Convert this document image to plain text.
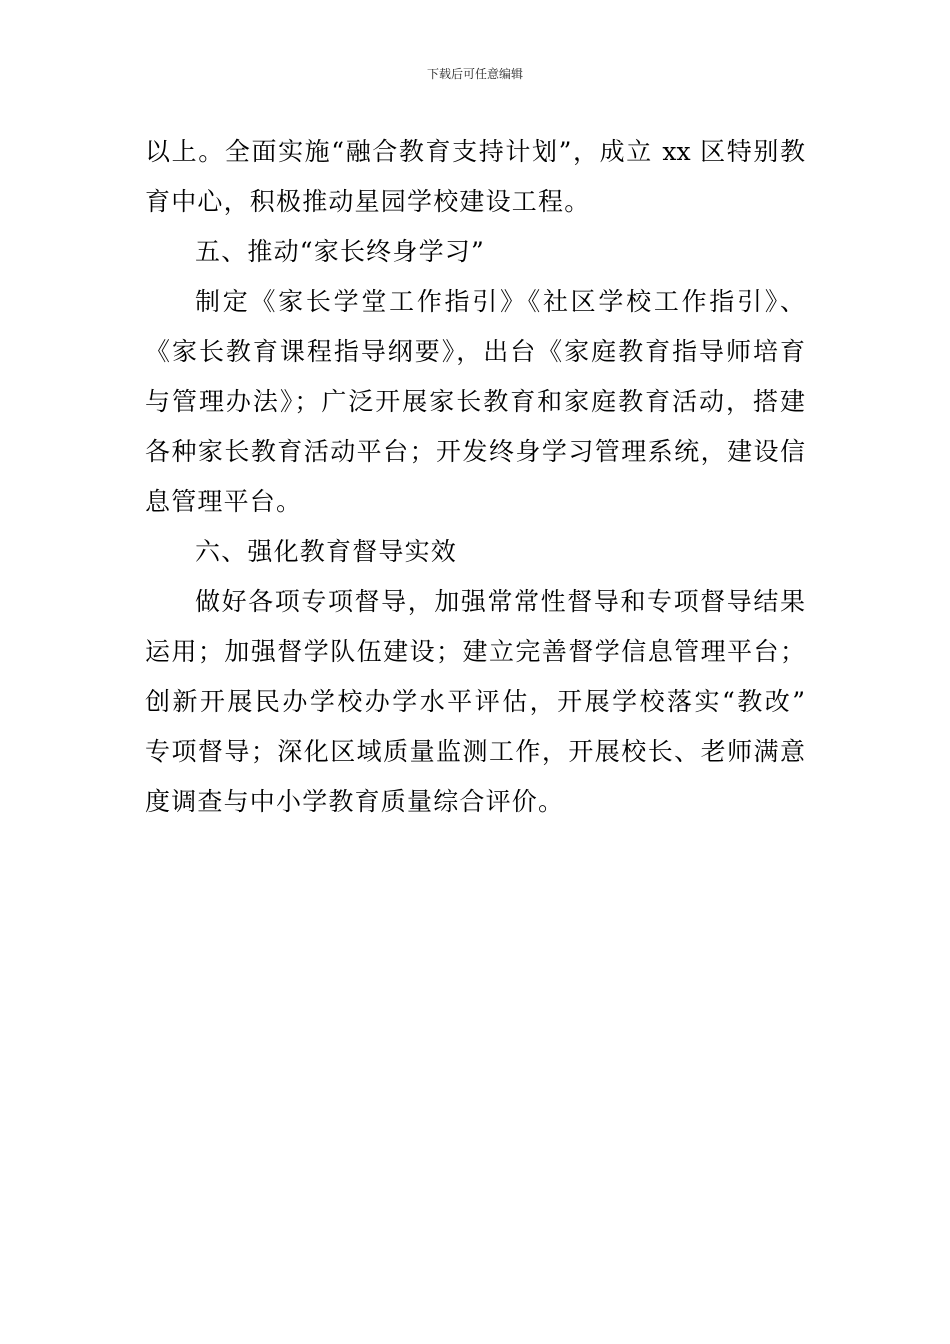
下载后可任意编辑
以上。全面实施“融合教育支持计划”，成立 xx 区特别教
育中心，积极推动星园学校建设工程。
五、推动“家长终身学习”
制定《家长学堂工作指引》《社区学校工作指引》、
《家长教育课程指导纲要》，出台《家庭教育指导师培育
与管理办法》；广泛开展家长教育和家庭教育活动，搭建
各种家长教育活动平台；开发终身学习管理系统，建设信
息管理平台。
六、强化教育督导实效
做好各项专项督导，加强常常性督导和专项督导结果
运用；加强督学队伍建设；建立完善督学信息管理平台；
创新开展民办学校办学水平评估，开展学校落实“教改”
专项督导；深化区域质量监测工作，开展校长、老师满意
度调查与中小学教育质量综合评价。
